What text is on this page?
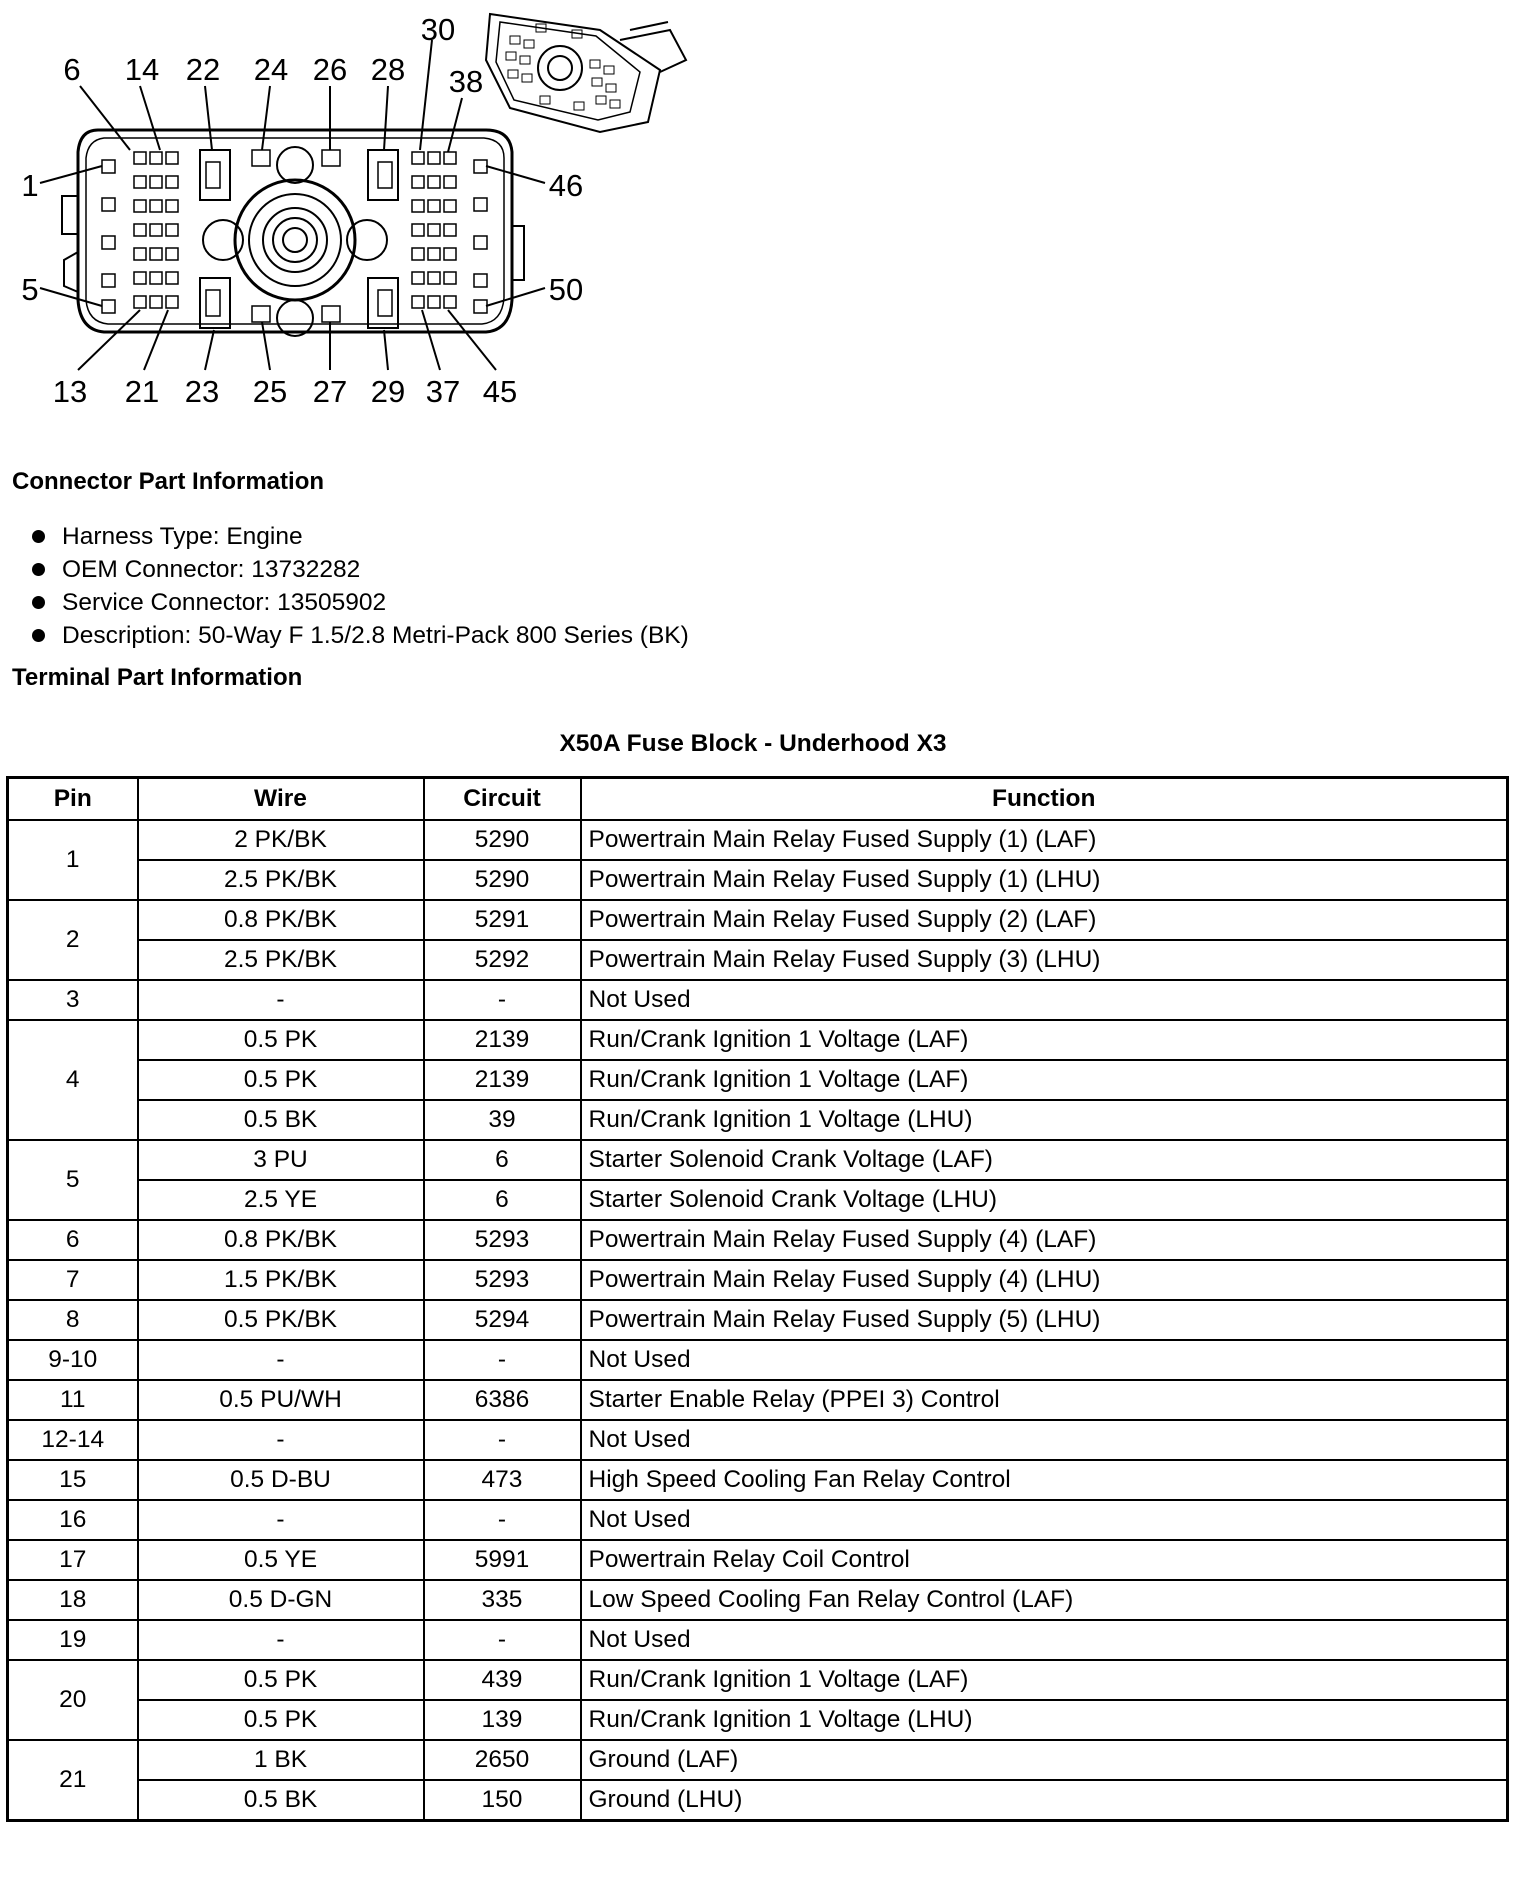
6 14 22 24 26 28
30
38
1
5
46
50
13 21 23 25 27 29 37 45
Connector Part Information
Harness Type: Engine
OEM Connector: 13732282
Service Connector: 13505902
Description: 50-Way F 1.5/2.8 Metri-Pack 800 Series (BK)
Terminal Part Information
X50A Fuse Block - Underhood X3
Pin	Wire	Circuit	Function
1	2 PK/BK	5290	Powertrain Main Relay Fused Supply (1) (LAF)
	2.5 PK/BK	5290	Powertrain Main Relay Fused Supply (1) (LHU)
2	0.8 PK/BK	5291	Powertrain Main Relay Fused Supply (2) (LAF)
	2.5 PK/BK	5292	Powertrain Main Relay Fused Supply (3) (LHU)
3	-	-	Not Used
4	0.5 PK	2139	Run/Crank Ignition 1 Voltage (LAF)
	0.5 PK	2139	Run/Crank Ignition 1 Voltage (LAF)
	0.5 BK	39	Run/Crank Ignition 1 Voltage (LHU)
5	3 PU	6	Starter Solenoid Crank Voltage (LAF)
	2.5 YE	6	Starter Solenoid Crank Voltage (LHU)
6	0.8 PK/BK	5293	Powertrain Main Relay Fused Supply (4) (LAF)
7	1.5 PK/BK	5293	Powertrain Main Relay Fused Supply (4) (LHU)
8	0.5 PK/BK	5294	Powertrain Main Relay Fused Supply (5) (LHU)
9-10	-	-	Not Used
11	0.5 PU/WH	6386	Starter Enable Relay (PPEI 3) Control
12-14	-	-	Not Used
15	0.5 D-BU	473	High Speed Cooling Fan Relay Control
16	-	-	Not Used
17	0.5 YE	5991	Powertrain Relay Coil Control
18	0.5 D-GN	335	Low Speed Cooling Fan Relay Control (LAF)
19	-	-	Not Used
20	0.5 PK	439	Run/Crank Ignition 1 Voltage (LAF)
	0.5 PK	139	Run/Crank Ignition 1 Voltage (LHU)
21	1 BK	2650	Ground (LAF)
	0.5 BK	150	Ground (LHU)
